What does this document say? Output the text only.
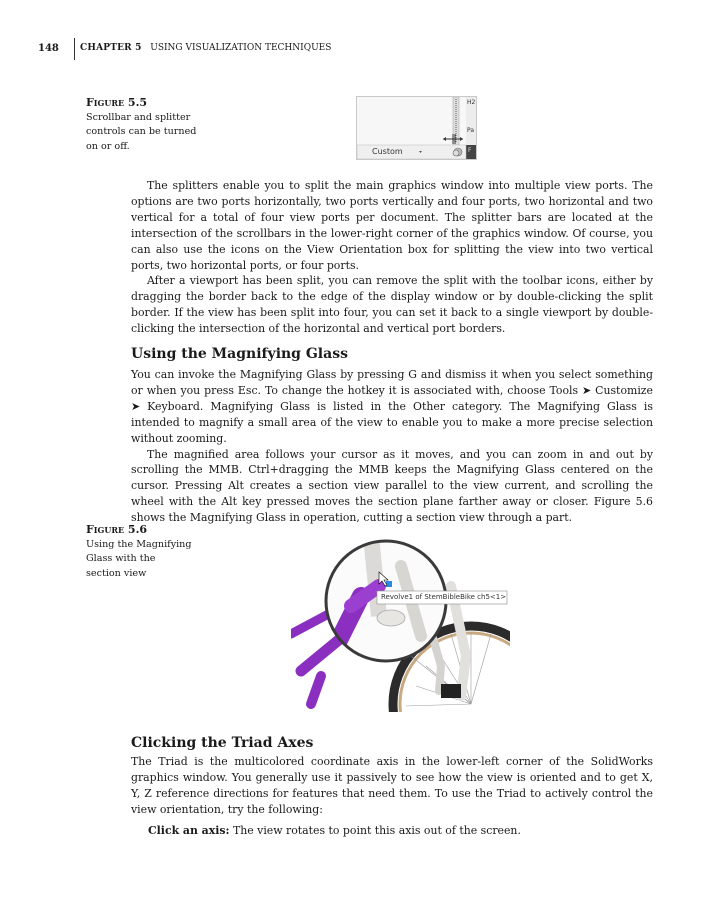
148 CHAPTER 5 USING VISUALIZATION TECHNIQUES
Figure 5.5
Scrollbar and splitter
controls can be turned
on or off.	Custom
H2
Pa
F

The splitters enable you to split the main graphics window into multiple view ports. The options are two ports horizontally, two ports vertically and four ports, two horizontal and two vertical for a total of four view ports per document. The splitter bars are located at the intersection of the scrollbars in the lower-right corner of the graphics window. Of course, you can also use the icons on the View Orientation box for splitting the view into two vertical ports, two horizontal ports, or four ports.

After a viewport has been split, you can remove the split with the toolbar icons, either by dragging the border back to the edge of the display window or by double-clicking the split border. If the view has been split into four, you can set it back to a single viewport by double-clicking the intersection of the horizontal and vertical port borders.

Using the Magnifying Glass

You can invoke the Magnifying Glass by pressing G and dismiss it when you select something or when you press Esc. To change the hotkey it is associated with, choose Tools ➤ Customize ➤ Keyboard. Magnifying Glass is listed in the Other category. The Magnifying Glass is intended to magnify a small area of the view to enable you to make a more precise selection without zooming.

The magnified area follows your cursor as it moves, and you can zoom in and out by scrolling the MMB. Ctrl+dragging the MMB keeps the Magnifying Glass centered on the cursor. Pressing Alt creates a section view parallel to the view current, and scrolling the wheel with the Alt key pressed moves the section plane farther away or closer. Figure 5.6 shows the Magnifying Glass in operation, cutting a section view through a part.

Figure 5.6
Using the Magnifying
Glass with the
section view
Revolve1 of StemBibleBike ch5<1>
Clicking the Triad Axes

The Triad is the multicolored coordinate axis in the lower-left corner of the SolidWorks graphics window. You generally use it passively to see how the view is oriented and to get X, Y, Z reference directions for features that need them. To use the Triad to actively control the view orientation, try the following:

Click an axis: The view rotates to point this axis out of the screen.
